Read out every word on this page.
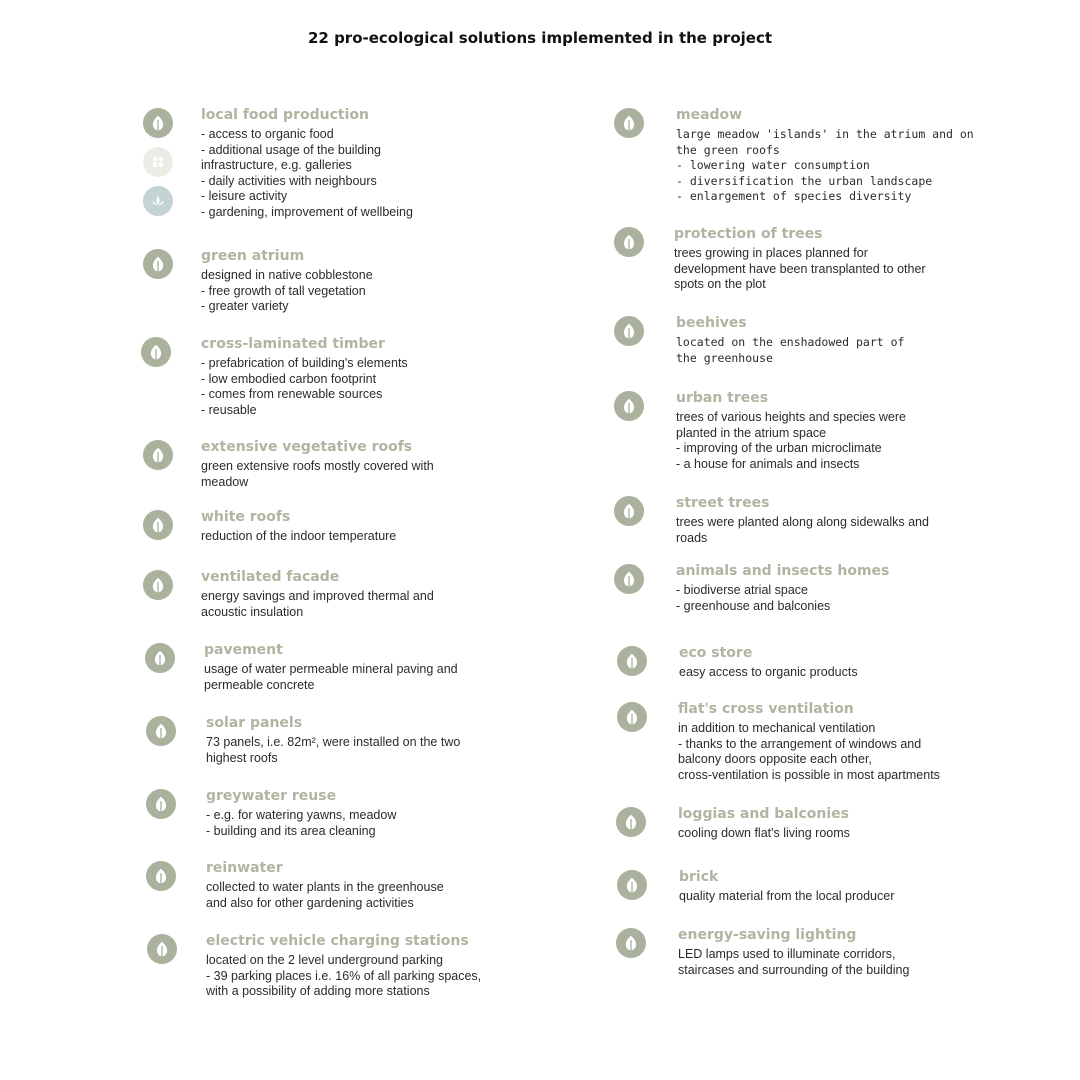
22 pro-ecological solutions implemented in the project
local food production
- access to organic food
- additional usage of the building
infrastructure, e.g. galleries
- daily activities with neighbours
- leisure activity
- gardening, improvement of wellbeing
green atrium
designed in native cobblestone
- free growth of tall vegetation
- greater variety
cross-laminated timber
- prefabrication of building's elements
- low embodied carbon footprint
- comes from renewable sources
- reusable
extensive vegetative roofs
green extensive roofs mostly covered with
meadow
white roofs
reduction of the indoor temperature
ventilated facade
energy savings and improved thermal and
acoustic insulation
pavement
usage of water permeable mineral paving and
permeable concrete
solar panels
73 panels, i.e. 82m², were installed on the two
highest roofs
greywater reuse
- e.g. for watering yawns, meadow
- building and its area cleaning
reinwater
collected to water plants in the greenhouse
and also for other gardening activities
electric vehicle charging stations
located on the 2 level underground parking
- 39 parking places i.e. 16% of all parking spaces,
with a possibility of adding more stations
meadow
large meadow 'islands' in the atrium and on
the green roofs
- lowering water consumption
- diversification the urban landscape
- enlargement of species diversity
protection of trees
trees growing in places planned for
development have been transplanted to other
spots on the plot
beehives
located on the enshadowed part of
the greenhouse
urban trees
trees of various heights and species were
planted in the atrium space
- improving of the urban microclimate
- a house for animals and insects
street trees
trees were planted along along sidewalks and
roads
animals and insects homes
- biodiverse atrial space
- greenhouse and balconies
eco store
easy access to organic products
flat's cross ventilation
in addition to mechanical ventilation
- thanks to the arrangement of windows and
balcony doors opposite each other,
cross-ventilation is possible in most apartments
loggias and balconies
cooling down flat's living rooms
brick
quality material from the local producer
energy-saving lighting
LED lamps used to illuminate corridors,
staircases and surrounding of the building
